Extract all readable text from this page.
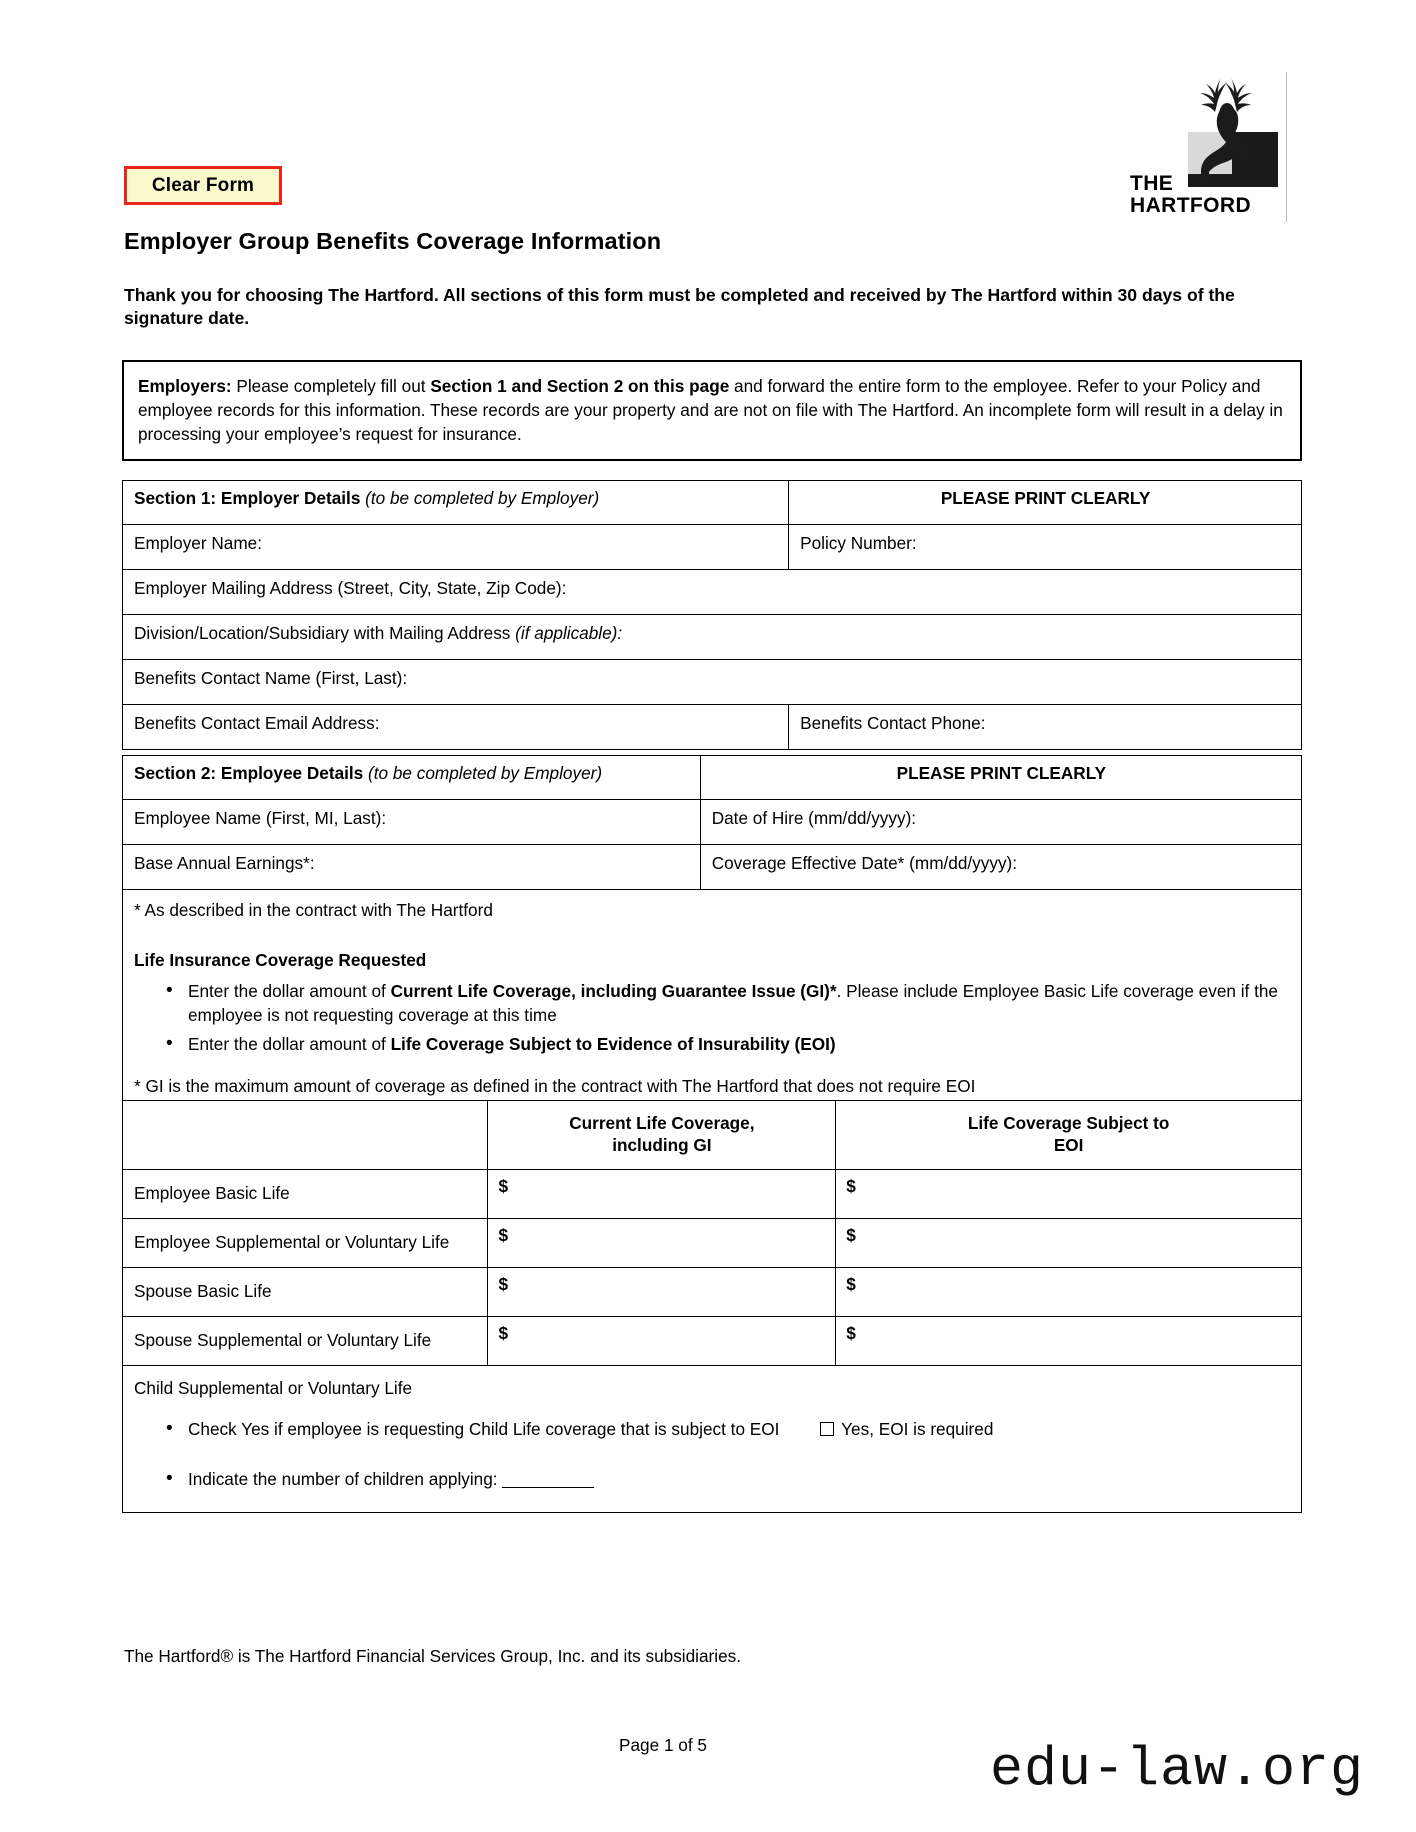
Clear Form	THE
HARTFORD
Employer Group Benefits Coverage Information
Thank you for choosing The Hartford. All sections of this form must be completed and received by The Hartford within 30 days of the signature date.
Employers: Please completely fill out Section 1 and Section 2 on this page and forward the entire form to the employee. Refer to your Policy and employee records for this information. These records are your property and are not on file with The Hartford. An incomplete form will result in a delay in processing your employee’s request for insurance.
Section 1: Employer Details (to be completed by Employer)	PLEASE PRINT CLEARLY
Employer Name:	Policy Number:
Employer Mailing Address (Street, City, State, Zip Code):	
Division/Location/Subsidiary with Mailing Address (if applicable):	
Benefits Contact Name (First, Last):	
Benefits Contact Email Address:	Benefits Contact Phone:
Section 2: Employee Details (to be completed by Employer)	PLEASE PRINT CLEARLY
Employee Name (First, MI, Last):	Date of Hire (mm/dd/yyyy):
Base Annual Earnings*:	Coverage Effective Date* (mm/dd/yyyy):

* As described in the contract with The Hartford
Life Insurance Coverage Requested
• Enter the dollar amount of Current Life Coverage, including Guarantee Issue (GI)*. Please include Employee Basic Life coverage even if the employee is not requesting coverage at this time
• Enter the dollar amount of Life Coverage Subject to Evidence of Insurability (EOI)
* GI is the maximum amount of coverage as defined in the contract with The Hartford that does not require EOI

Current Life Coverage,
including GI

Life Coverage Subject to
EOI

Employee Basic Life	$	$
Employee Supplemental or Voluntary Life	$	$
Spouse Basic Life	$	$
Spouse Supplemental or Voluntary Life	$	$

Child Supplemental or Voluntary Life
• Check Yes if employee is requesting Child Life coverage that is subject to EOI	Yes, EOI is required
• Indicate the number of children applying:
The Hartford® is The Hartford Financial Services Group, Inc. and its subsidiaries.
Page 1 of 5	edu-law.org
